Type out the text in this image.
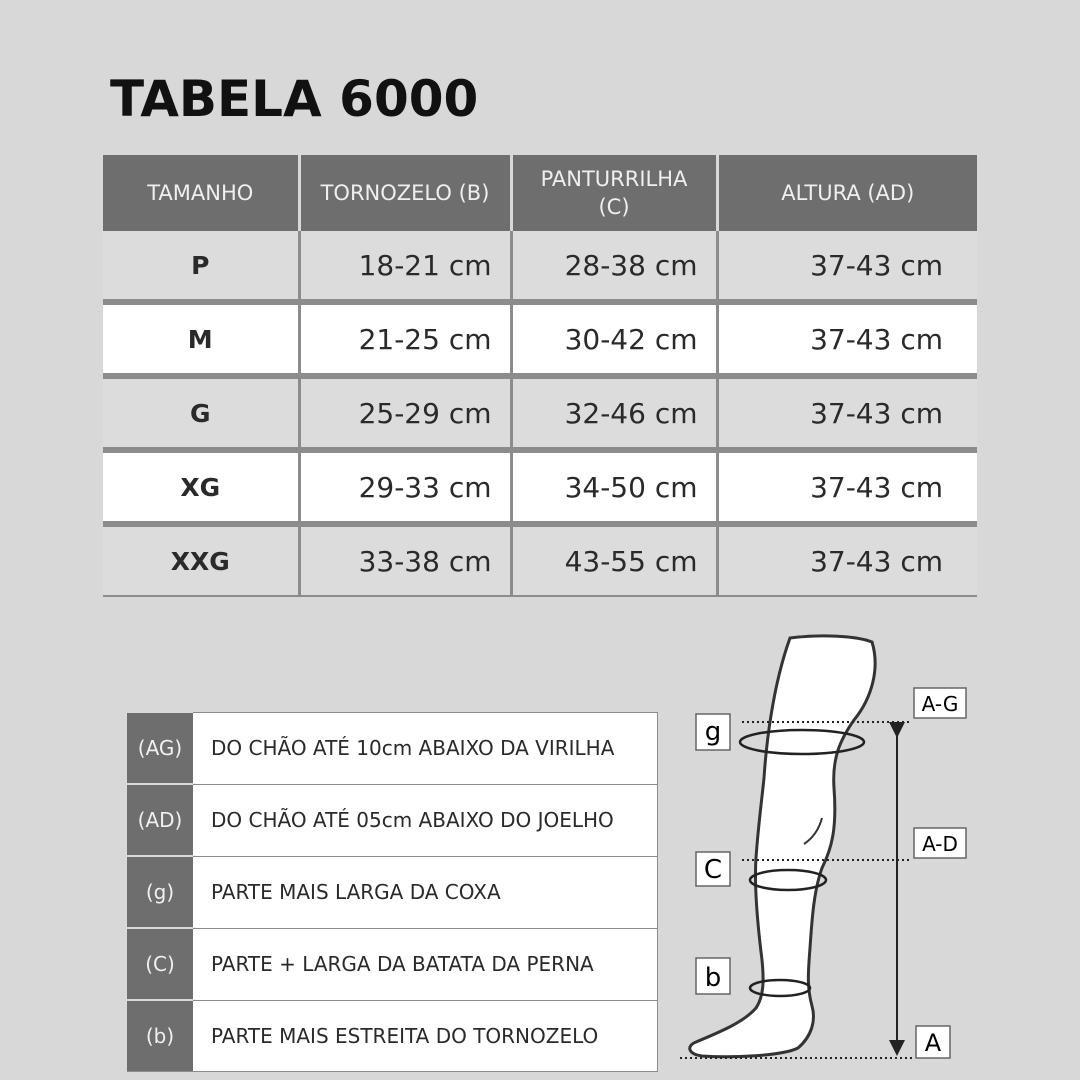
TABELA 6000
TAMANHO	TORNOZELO (B)	PANTURRILHA (C)	ALTURA (AD)
P	18-21 cm	28-38 cm	37-43 cm
M	21-25 cm	30-42 cm	37-43 cm
G	25-29 cm	32-46 cm	37-43 cm
XG	29-33 cm	34-50 cm	37-43 cm
XXG	33-38 cm	43-55 cm	37-43 cm
(AG)	DO CHÃO ATÉ 10cm ABAIXO DA VIRILHA
(AD)	DO CHÃO ATÉ 05cm ABAIXO DO JOELHO
(g)	PARTE MAIS LARGA DA COXA
(C)	PARTE + LARGA DA BATATA DA PERNA
(b)	PARTE MAIS ESTREITA DO TORNOZELO
g
C
b
A-G
A-D
A
